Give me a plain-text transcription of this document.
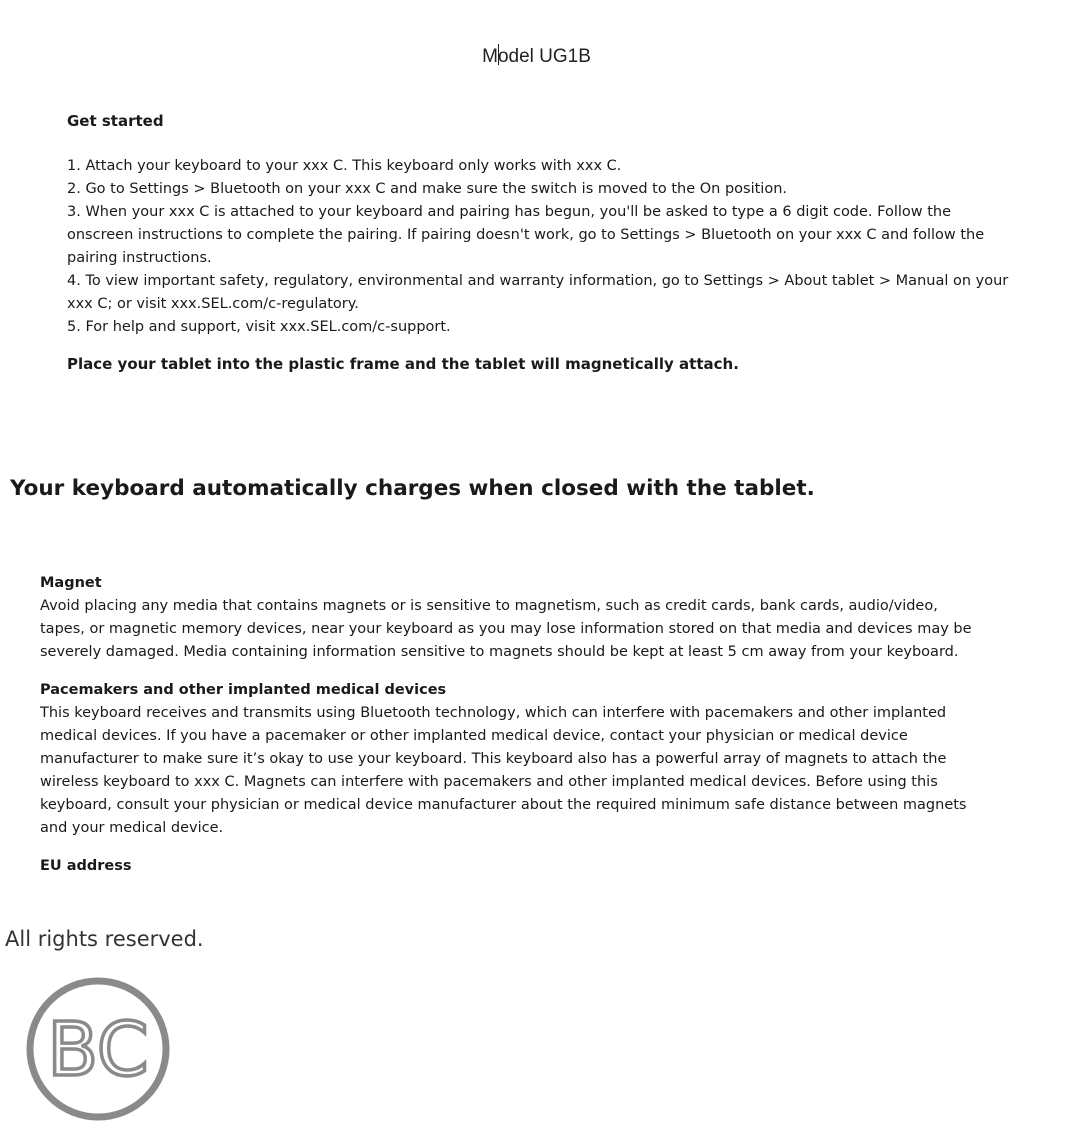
Model UG1B
Get started

1. Attach your keyboard to your xxx C. This keyboard only works with xxx C.

2. Go to Settings > Bluetooth on your xxx C and make sure the switch is moved to the On position.

3. When your xxx C is attached to your keyboard and pairing has begun, you'll be asked to type a 6 digit code. Follow the onscreen instructions to complete the pairing. If pairing doesn't work, go to Settings > Bluetooth on your xxx C and follow the pairing instructions.

4. To view important safety, regulatory, environmental and warranty information, go to Settings > About tablet > Manual on your xxx C; or visit xxx.SEL.com/c-regulatory.

5. For help and support, visit xxx.SEL.com/c-support.

Place your tablet into the plastic frame and the tablet will magnetically attach.
Your keyboard automatically charges when closed with the tablet.
Magnet
Avoid placing any media that contains magnets or is sensitive to magnetism, such as credit cards, bank cards, audio/video, tapes, or magnetic memory devices, near your keyboard as you may lose information stored on that media and devices may be severely damaged. Media containing information sensitive to magnets should be kept at least 5 cm away from your keyboard.
Pacemakers and other implanted medical devices
This keyboard receives and transmits using Bluetooth technology, which can interfere with pacemakers and other implanted medical devices. If you have a pacemaker or other implanted medical device, contact your physician or medical device manufacturer to make sure it’s okay to use your keyboard. This keyboard also has a powerful array of magnets to attach the wireless keyboard to xxx C. Magnets can interfere with pacemakers and other implanted medical devices. Before using this keyboard, consult your physician or medical device manufacturer about the required minimum safe distance between magnets and your medical device.
EU address
All rights reserved.
BC
